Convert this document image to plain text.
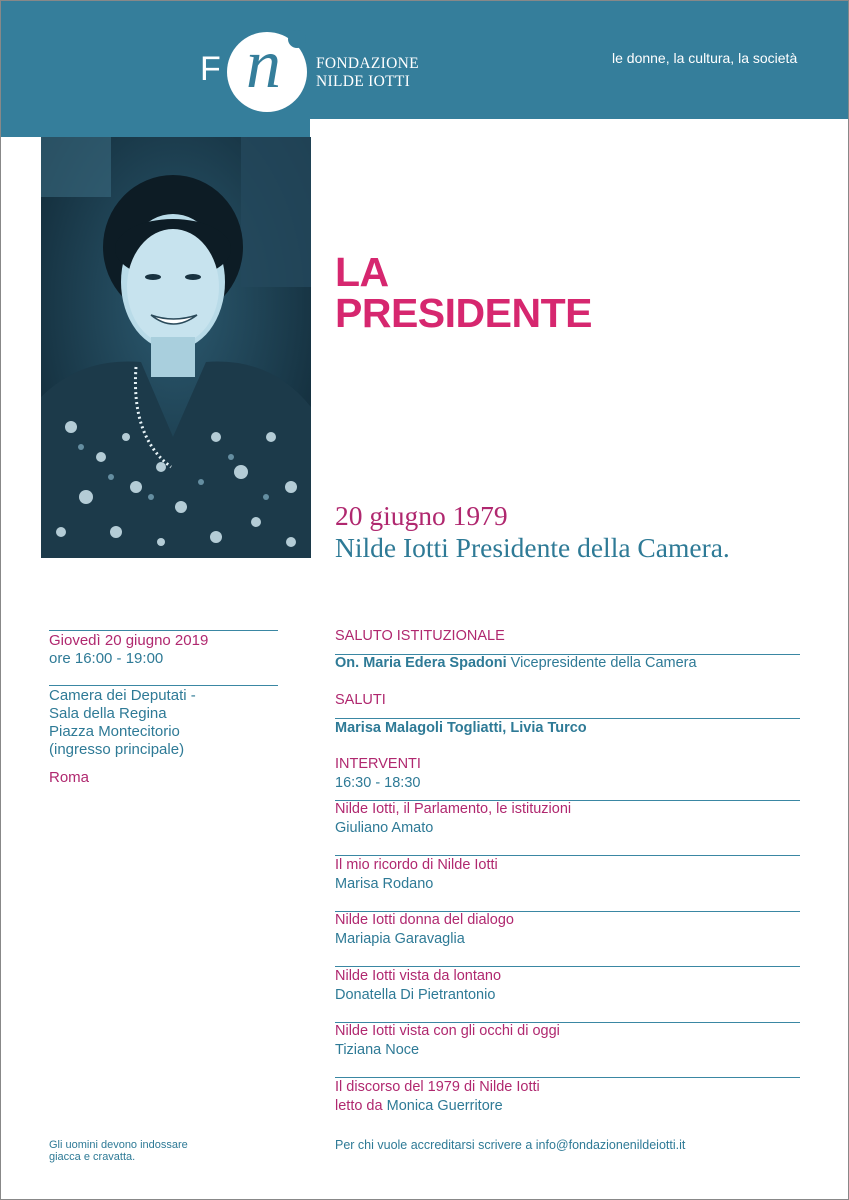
F n FONDAZIONE
NILDE IOTTI
le donne, la cultura, la società
LA
PRESIDENTE
20 giugno 1979
Nilde Iotti Presidente della Camera.
Giovedì 20 giugno 2019
ore 16:00 - 19:00
Camera dei Deputati -
Sala della Regina
Piazza Montecitorio
(ingresso principale)
Roma
Gli uomini devono indossare
giacca e cravatta.
SALUTO ISTITUZIONALE
On. Maria Edera Spadoni Vicepresidente della Camera
SALUTI
Marisa Malagoli Togliatti, Livia Turco
INTERVENTI
16:30 - 18:30
Nilde Iotti, il Parlamento, le istituzioni
Giuliano Amato
Il mio ricordo di Nilde Iotti
Marisa Rodano
Nilde Iotti donna del dialogo
Mariapia Garavaglia
Nilde Iotti vista da lontano
Donatella Di Pietrantonio
Nilde Iotti vista con gli occhi di oggi
Tiziana Noce
Il discorso del 1979 di Nilde Iotti
letto da Monica Guerritore
Per chi vuole accreditarsi scrivere a info@fondazionenildeiotti.it
